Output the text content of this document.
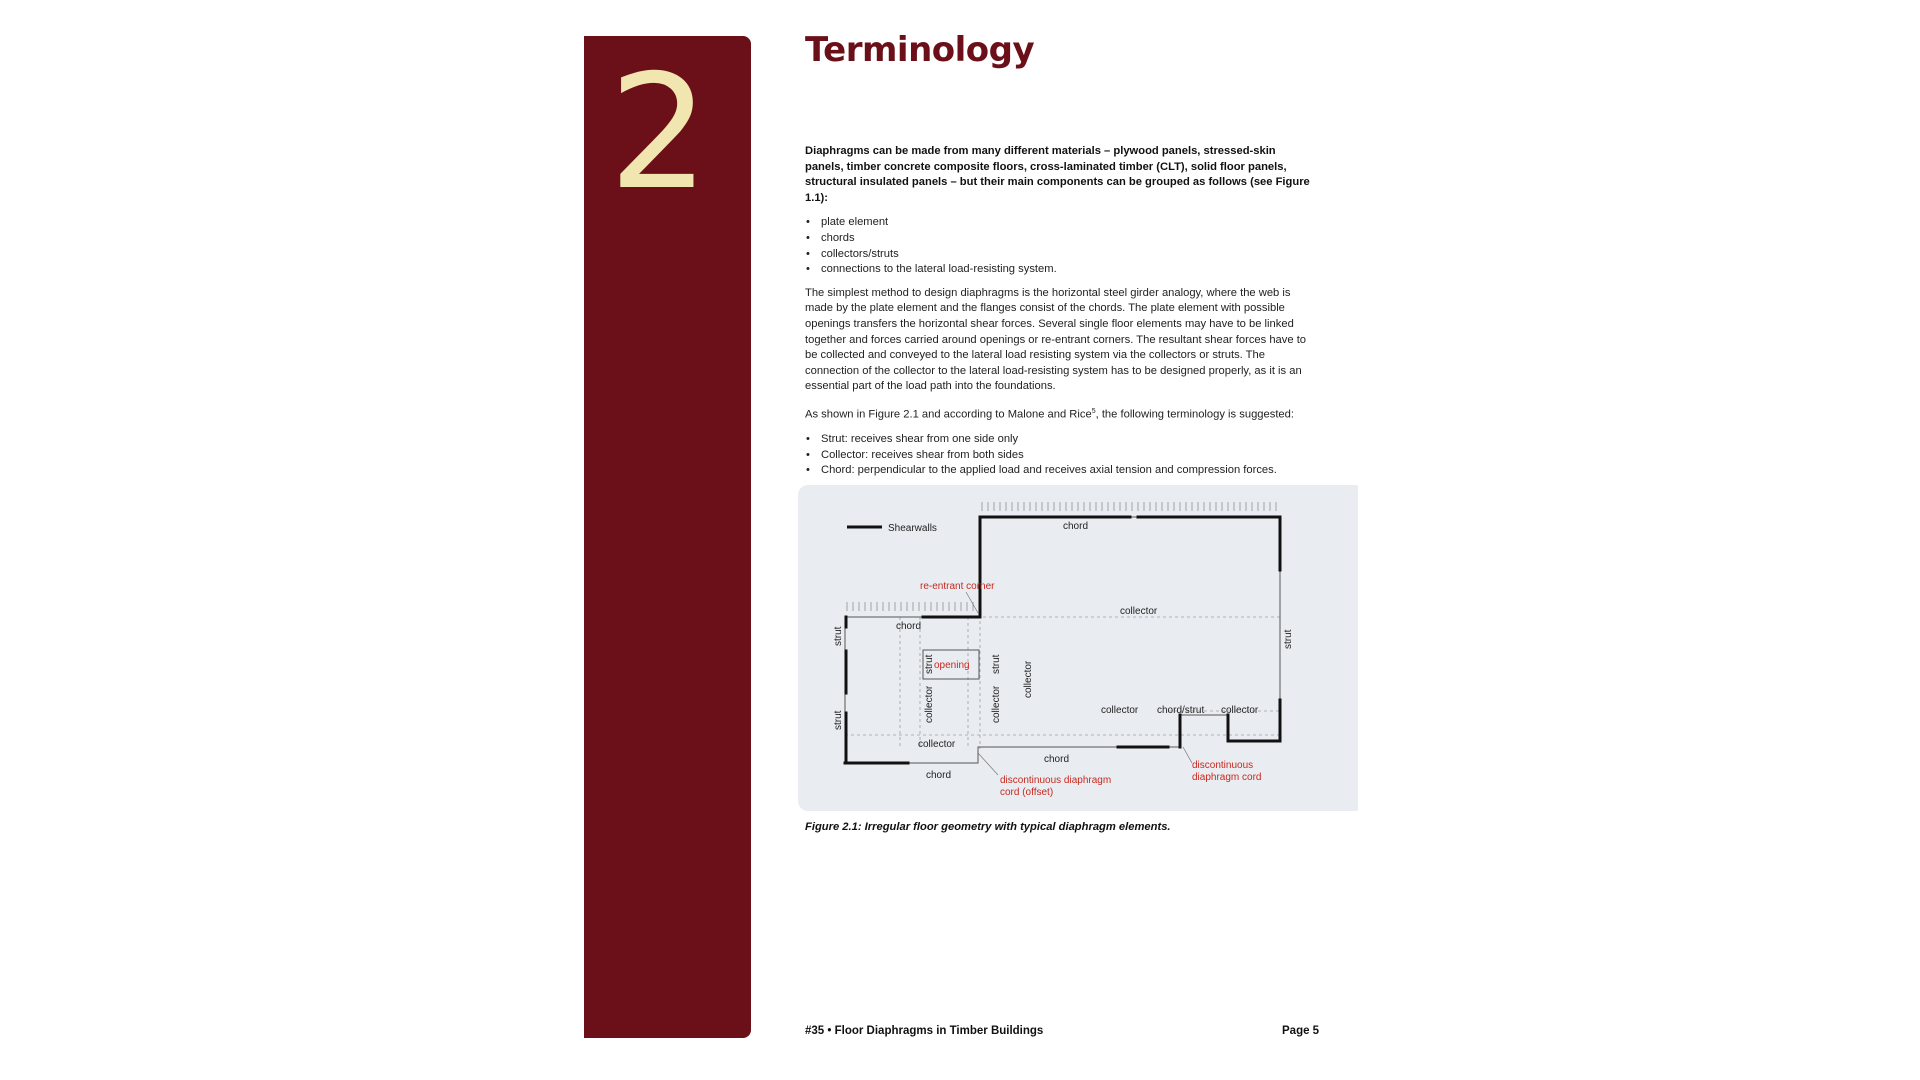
2	Terminology

Diaphragms can be made from many different materials – plywood panels, stressed-skin panels, timber concrete composite floors, cross-laminated timber (CLT), solid floor panels, structural insulated panels – but their main components can be grouped as follows (see Figure 1.1):

• plate element
• chords
• collectors/struts
• connections to the lateral load-resisting system.

The simplest method to design diaphragms is the horizontal steel girder analogy, where the web is made by the plate element and the flanges consist of the chords. The plate element with possible openings transfers the horizontal shear forces. Several single floor elements may have to be linked together and forces carried around openings or re-entrant corners. The resultant shear forces have to be collected and conveyed to the lateral load resisting system via the collectors or struts. The connection of the collector to the lateral load-resisting system has to be designed properly, as it is an essential part of the load path into the foundations.

As shown in Figure 2.1 and according to Malone and Rice$^5$, the following terminology is suggested:

• Strut: receives shear from one side only
• Collector: receives shear from both sides
• Chord: perpendicular to the applied load and receives axial tension and compression forces.
Shearwalls	chord
collector
chord
collector
chord
chord
collector chord/strut collector
strut
strut
strut
strut	strut
collector	collector
collector
opening
re-entrant corner
discontinuous diaphragm
cord (offset)
discontinuous
diaphragm cord
Figure 2.1: Irregular floor geometry with typical diaphragm elements.
#35 • Floor Diaphragms in Timber Buildings	Page 5
